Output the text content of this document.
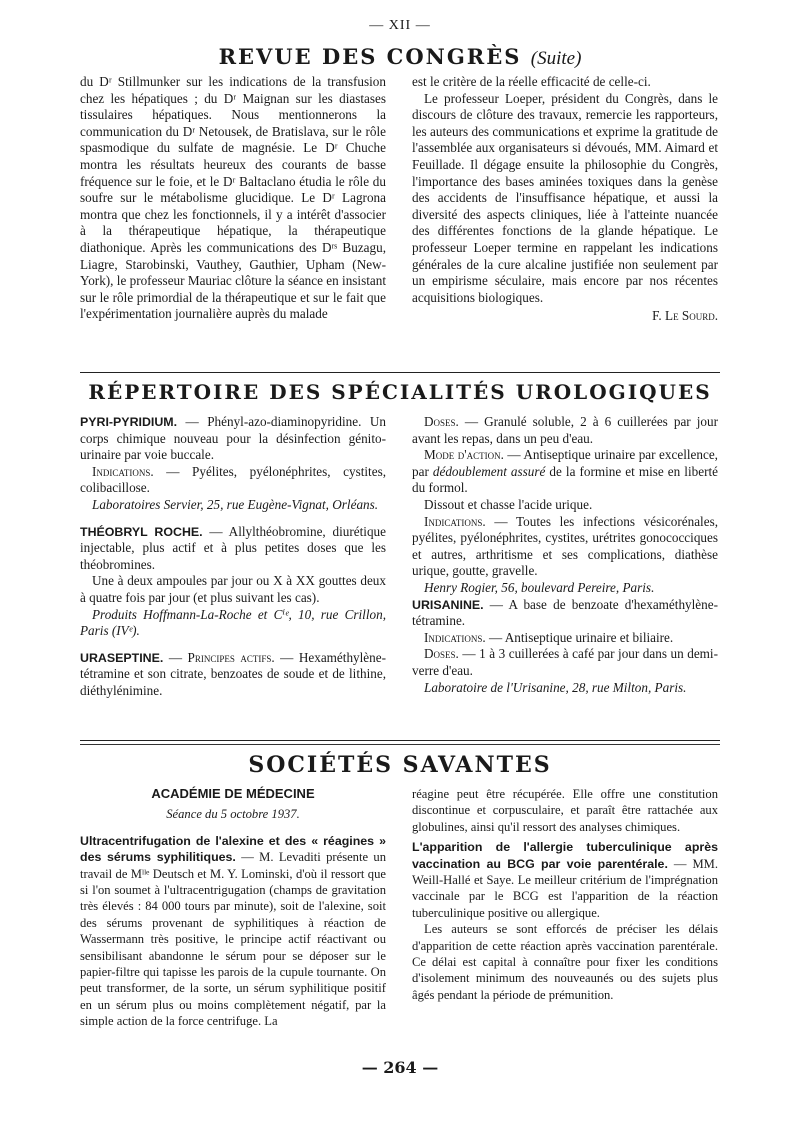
— XII —
REVUE DES CONGRÈS (Suite)

du Dʳ Stillmunker sur les indications de la transfusion chez les hépatiques ; du Dʳ Maignan sur les diastases tissulaires hépatiques. Nous mentionnerons la communication du Dʳ Netousek, de Bratislava, sur le rôle spasmodique du sulfate de magnésie. Le Dʳ Chuche montra les résultats heureux des courants de basse fréquence sur le foie, et le Dʳ Baltaclano étudia le rôle du soufre sur le métabolisme glucidique. Le Dʳ Lagrona montra que chez les fonctionnels, il y a intérêt d'associer à la thérapeutique hépatique, la thérapeutique diathonique. Après les communications des Dʳˢ Buzagu, Liagre, Starobinski, Vauthey, Gauthier, Upham (New-York), le professeur Mauriac clôture la séance en insistant sur le rôle primordial de la thérapeutique et sur le fait que l'expérimentation journalière auprès du malade

est le critère de la réelle efficacité de celle-ci.

Le professeur Loeper, président du Congrès, dans le discours de clôture des travaux, remercie les rapporteurs, les auteurs des communications et exprime la gratitude de l'assemblée aux organisateurs si dévoués, MM. Aimard et Feuillade. Il dégage ensuite la philosophie du Congrès, l'importance des bases aminées toxiques dans la genèse des accidents de l'insuffisance hépatique, et aussi la diversité des aspects cliniques, liée à l'atteinte nuancée des différentes fonctions de la glande hépatique. Le professeur Loeper termine en rappelant les indications générales de la cure alcaline justifiée non seulement par un empirisme séculaire, mais encore par nos récentes acquisitions biologiques.

F. Le Sourd.

RÉPERTOIRE DES SPÉCIALITÉS UROLOGIQUES

PYRI-PYRIDIUM. — Phényl-azo-diaminopyridine. Un corps chimique nouveau pour la désinfection génito-urinaire par voie buccale.

Indications. — Pyélites, pyélonéphrites, cystites, colibacillose.

Laboratoires Servier, 25, rue Eugène-Vignat, Orléans.

THÉOBRYL ROCHE. — Allylthéobromine, diurétique injectable, plus actif et à plus petites doses que les théobromines.

Une à deux ampoules par jour ou X à XX gouttes deux à quatre fois par jour (et plus suivant les cas).

Produits Hoffmann-La-Roche et Cⁱᵉ, 10, rue Crillon, Paris (IVᵉ).

URASEPTINE. — Principes actifs. — Hexaméthylène-tétramine et son citrate, benzoates de soude et de lithine, diéthylénimine.

Doses. — Granulé soluble, 2 à 6 cuillerées par jour avant les repas, dans un peu d'eau.

Mode d'action. — Antiseptique urinaire par excellence, par dédoublement assuré de la formine et mise en liberté du formol.

Dissout et chasse l'acide urique.

Indications. — Toutes les infections vésicorénales, pyélites, pyélonéphrites, cystites, urétrites gonococciques et autres, arthritisme et ses complications, diathèse urique, goutte, gravelle.

Henry Rogier, 56, boulevard Pereire, Paris.

URISANINE. — A base de benzoate d'hexaméthylène-tétramine.

Indications. — Antiseptique urinaire et biliaire.

Doses. — 1 à 3 cuillerées à café par jour dans un demi-verre d'eau.

Laboratoire de l'Urisanine, 28, rue Milton, Paris.

SOCIÉTÉS SAVANTES

ACADÉMIE DE MÉDECINE

Séance du 5 octobre 1937.

Ultracentrifugation de l'alexine et des « réagines » des sérums syphilitiques. — M. Levaditi présente un travail de Mˡˡᵉ Deutsch et M. Y. Lominski, d'où il ressort que si l'on soumet à l'ultracentrigugation (champs de gravitation très élevés : 84 000 tours par minute), soit de l'alexine, soit des sérums provenant de syphilitiques à réaction de Wassermann très positive, le principe actif réactivant ou sensibilisant abandonne le sérum pour se déposer sur le papier-filtre qui tapisse les parois de la cupule tournante. On peut transformer, de la sorte, un sérum syphilitique positif en un sérum plus ou moins complètement négatif, par la simple action de la force centrifuge. La

réagine peut être récupérée. Elle offre une constitution discontinue et corpusculaire, et paraît être rattachée aux globulines, ainsi qu'il ressort des analyses chimiques.

L'apparition de l'allergie tuberculinique après vaccination au BCG par voie parentérale. — MM. Weill-Hallé et Saye. Le meilleur critérium de l'imprégnation vaccinale par le BCG est l'apparition de la réaction tuberculinique positive ou allergique.

Les auteurs se sont efforcés de préciser les délais d'apparition de cette réaction après vaccination parentérale. Ce délai est capital à connaître pour fixer les conditions d'isolement minimum des nouveaunés ou des sujets plus âgés pendant la période de prémunition.

— 264 —
